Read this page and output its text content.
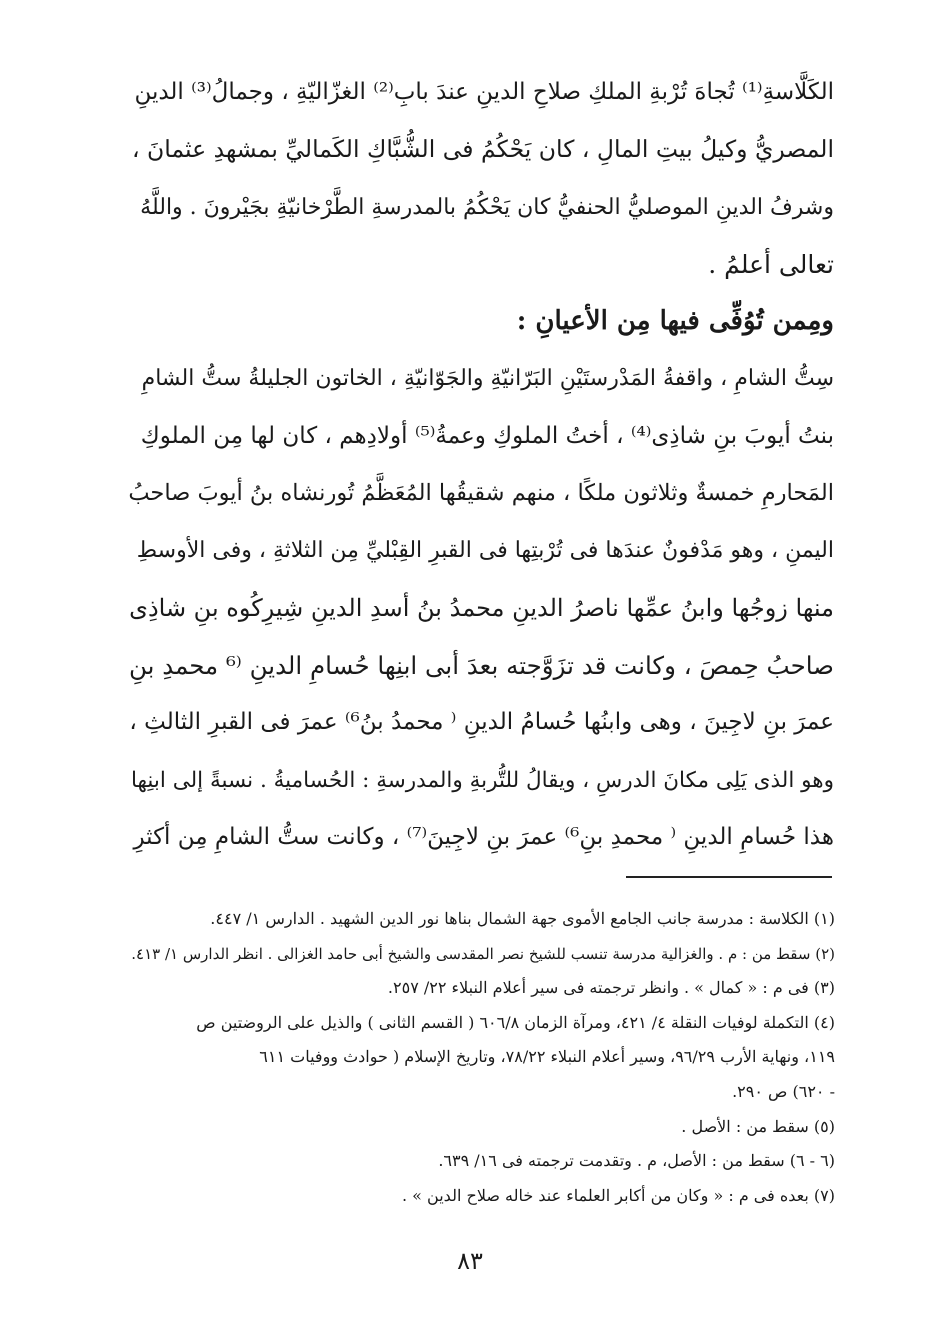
الكَلَّاسةِ⁽¹⁾ تُجاهَ تُرْبةِ الملكِ صلاحِ الدينِ عندَ بابِ⁽²⁾ الغزّاليّةِ ، وجمالُ⁽³⁾ الدينِ
المصريُّ وكيلُ بيتِ المالِ ، كان يَحْكُمُ فى الشُّبَّاكِ الكَماليِّ بمشهدِ عثمانَ ،
وشرفُ الدينِ الموصليُّ الحنفيُّ كان يَحْكُمُ بالمدرسةِ الطَّرْخانيّةِ بجَيْرونَ . واللَّهُ
تعالى أعلمُ .
ومِمن تُوُفِّى فيها مِن الأعيانِ :
سِتُّ الشامِ ، واقفةُ المَدْرستَيْنِ البَرّانيّةِ والجَوّانيّةِ ، الخاتون الجليلةُ ستُّ الشامِ
بنتُ أيوبَ بنِ شاذِى⁽⁴⁾ ، أختُ الملوكِ وعمةُ⁽⁵⁾ أولادِهم ، كان لها مِن الملوكِ
المَحارمِ خمسةٌ وثلاثون ملكًا ، منهم شقيقُها المُعَظَّمُ تُورنشاه بنُ أيوبَ صاحبُ
اليمنِ ، وهو مَدْفونٌ عندَها فى تُرْبتِها فى القبرِ القِبْليِّ مِن الثلاثةِ ، وفى الأوسطِ
منها زوجُها وابنُ عمِّها ناصرُ الدينِ محمدُ بنُ أسدِ الدينِ شِيرِكُوه بنِ شاذِى
صاحبُ حِمصَ ، وكانت قد تزَوَّجته بعدَ أبى ابنِها حُسامِ الدينِ ⁽⁶ محمدِ بنِ
عمرَ بنِ لاجِينَ ، وهى وابنُها حُسامُ الدينِ ⁽ محمدُ بنُ⁶⁾ عمرَ فى القبرِ الثالثِ ،
وهو الذى يَلِى مكانَ الدرسِ ، ويقالُ للتُّربةِ والمدرسةِ : الحُساميةُ . نسبةً إلى ابنِها
هذا حُسامِ الدينِ ⁽ محمدِ بنِ⁶⁾ عمرَ بنِ لاجِينَ⁽⁷⁾ ، وكانت ستُّ الشامِ مِن أكثرِ
(١) الكلاسة : مدرسة جانب الجامع الأموى جهة الشمال بناها نور الدين الشهيد . الدارس ١/ ٤٤٧.
(٢) سقط من : م . والغزالية مدرسة تنسب للشيخ نصر المقدسى والشيخ أبى حامد الغزالى . انظر الدارس ١/ ٤١٣.
(٣) فى م : « كمال » . وانظر ترجمته فى سير أعلام النبلاء ٢٢/ ٢٥٧.
(٤) التكملة لوفيات النقلة ٤/ ٤٢١، ومرآة الزمان ٦٠٦/٨ ( القسم الثانى ) والذيل على الروضتين ص
١١٩، ونهاية الأرب ٩٦/٢٩، وسير أعلام النبلاء ٧٨/٢٢، وتاريخ الإسلام ( حوادث ووفيات ٦١١
- ٦٢٠) ص ٢٩٠.
(٥) سقط من : الأصل .
(٦ - ٦) سقط من : الأصل، م . وتقدمت ترجمته فى ١٦/ ٦٣٩.
(٧) بعده فى م : « وكان من أكابر العلماء عند خاله صلاح الدين » .
٨٣
